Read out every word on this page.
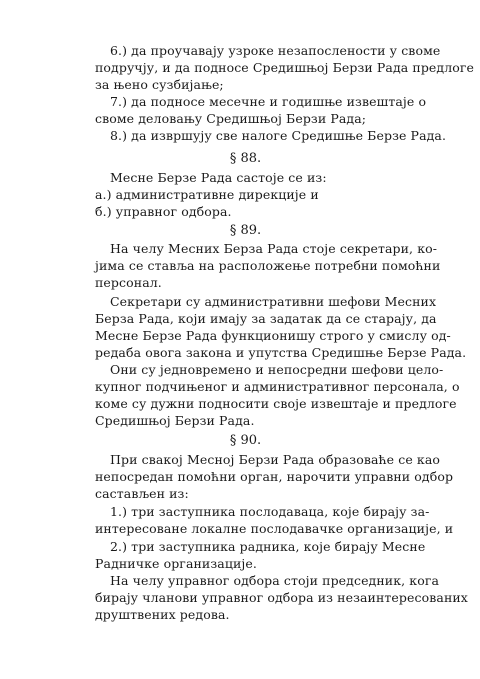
6.) да проучавају узроке незапослености у своме
подручју, и да подносе Средишњој Берзи Рада предлоге
за њено сузбијање;
7.) да подносе месечне и годишње извештаје о
своме деловању Средишњој Берзи Рада;
8.) да извршују све налоге Средишње Берзе Рада.
§ 88.
Месне Берзе Рада састоје се из:
а.) административне дирекције и
б.) управног одбора.
§ 89.
На челу Месних Берза Рада стоје секретари, ко-
јима се ставља на расположење потребни помоћни
персонал.
Секретари су административни шефови Месних
Берза Рада, који имају за задатак да се старају, да
Месне Берзе Рада функционишу строго у смислу од-
редаба овога закона и упутства Средишње Берзе Рада.
Они су једновремено и непосредни шефови цело-
купног подчињеног и административног персонала, о
коме су дужни подносити своје извештаје и предлоге
Средишњој Берзи Рада.
§ 90.
При свакој Месној Берзи Рада образоваће се као
непосредан помоћни орган, нарочити управни одбор
састављен из:
1.) три заступника послодаваца, које бирају за-
интересоване локалне послодавачке организације, и
2.) три заступника радника, које бирају Месне
Радничке организације.
На челу управног одбора стоји председник, кога
бирају чланови управног одбора из незаинтересованих
друштвених редова.
